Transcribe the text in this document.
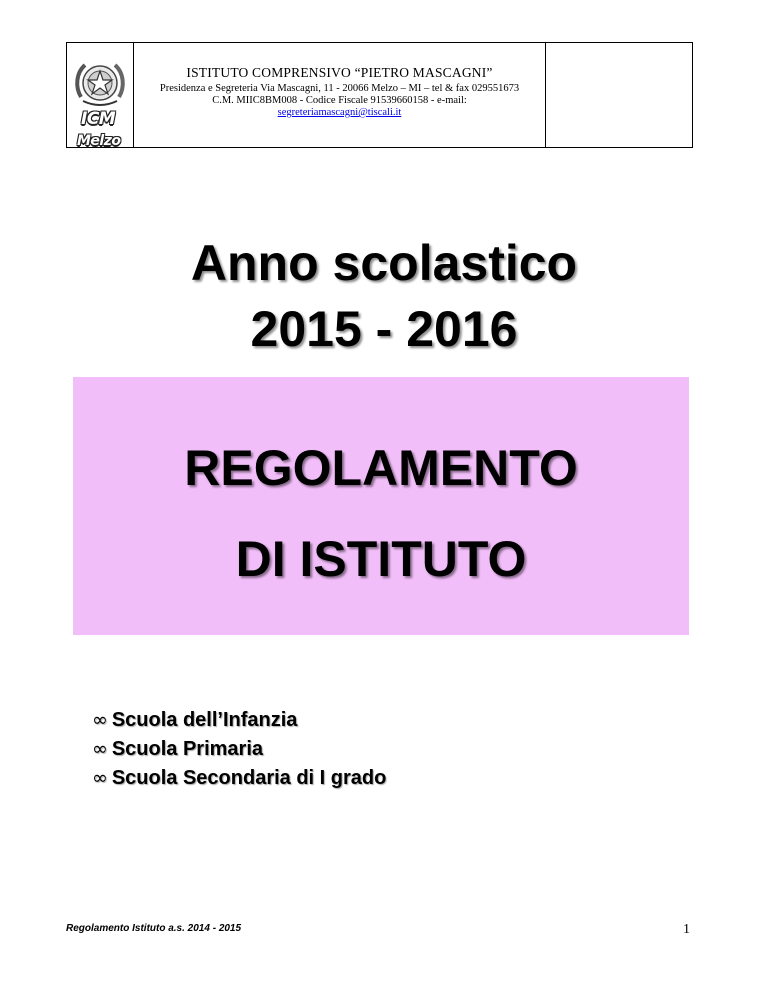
ICM
Melzo
ISTITUTO COMPRENSIVO “PIETRO MASCAGNI”
Presidenza e Segreteria Via Mascagni, 11 - 20066 Melzo – MI – tel & fax 029551673
C.M. MIIC8BM008 - Codice Fiscale 91539660158 - e-mail:
segreteriamascagni@tiscali.it
Anno scolastico
2015 - 2016
REGOLAMENTO
DI ISTITUTO
∞ Scuola dell’Infanzia
∞ Scuola Primaria
∞ Scuola Secondaria di I grado
Regolamento Istituto a.s. 2014 - 2015	1
